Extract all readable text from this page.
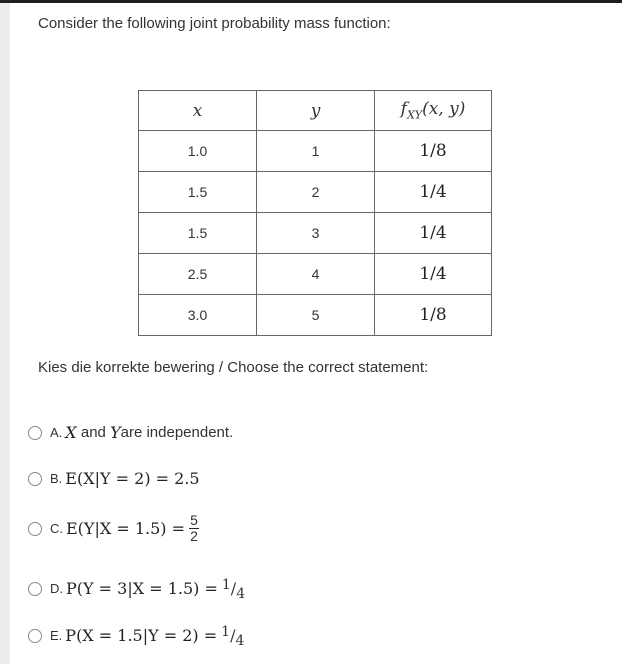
Consider the following joint probability mass function:
x	y	$f_{XY}(x$, y)
1.0	1	1/8
1.5	2	1/4
1.5	3	1/4
2.5	4	1/4
3.0	5	1/8
Kies die korrekte bewering / Choose the correct statement:
A. X and Y are independent.
B. E(X|Y = 2) = 2.5
C. E(Y|X = 1.5) = 5
2
D. P(Y = 3|X = 1.5) = 1/4
E. P(X = 1.5|Y = 2) = 1/4
